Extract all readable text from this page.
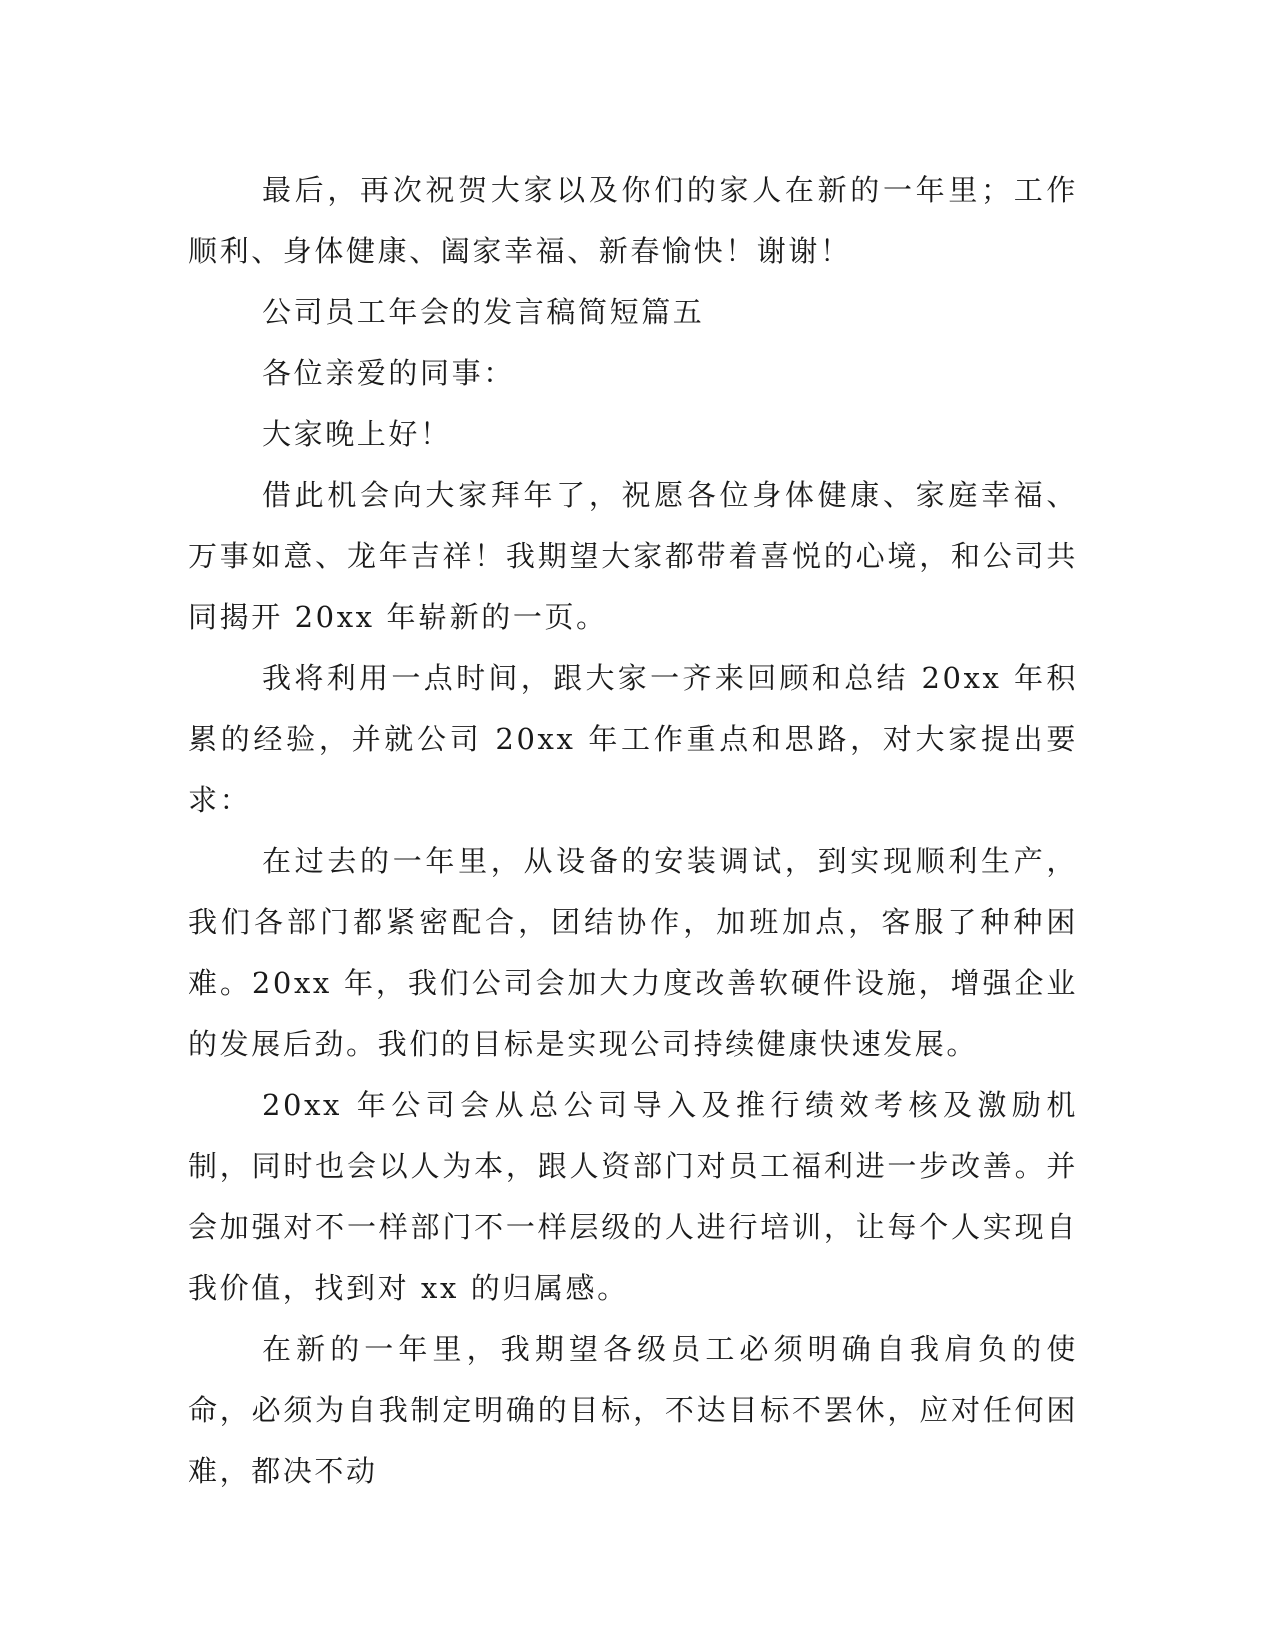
最后，再次祝贺大家以及你们的家人在新的一年里；工作顺利、身体健康、阖家幸福、新春愉快！谢谢！

公司员工年会的发言稿简短篇五

各位亲爱的同事：

大家晚上好！

借此机会向大家拜年了，祝愿各位身体健康、家庭幸福、万事如意、龙年吉祥！我期望大家都带着喜悦的心境，和公司共同揭开 20xx 年崭新的一页。

我将利用一点时间，跟大家一齐来回顾和总结 20xx 年积累的经验，并就公司 20xx 年工作重点和思路，对大家提出要求：

在过去的一年里，从设备的安装调试，到实现顺利生产，我们各部门都紧密配合，团结协作，加班加点，客服了种种困难。20xx 年，我们公司会加大力度改善软硬件设施，增强企业的发展后劲。我们的目标是实现公司持续健康快速发展。

20xx 年公司会从总公司导入及推行绩效考核及激励机制，同时也会以人为本，跟人资部门对员工福利进一步改善。并会加强对不一样部门不一样层级的人进行培训，让每个人实现自我价值，找到对 xx 的归属感。

在新的一年里，我期望各级员工必须明确自我肩负的使命，必须为自我制定明确的目标，不达目标不罢休，应对任何困难，都决不动
